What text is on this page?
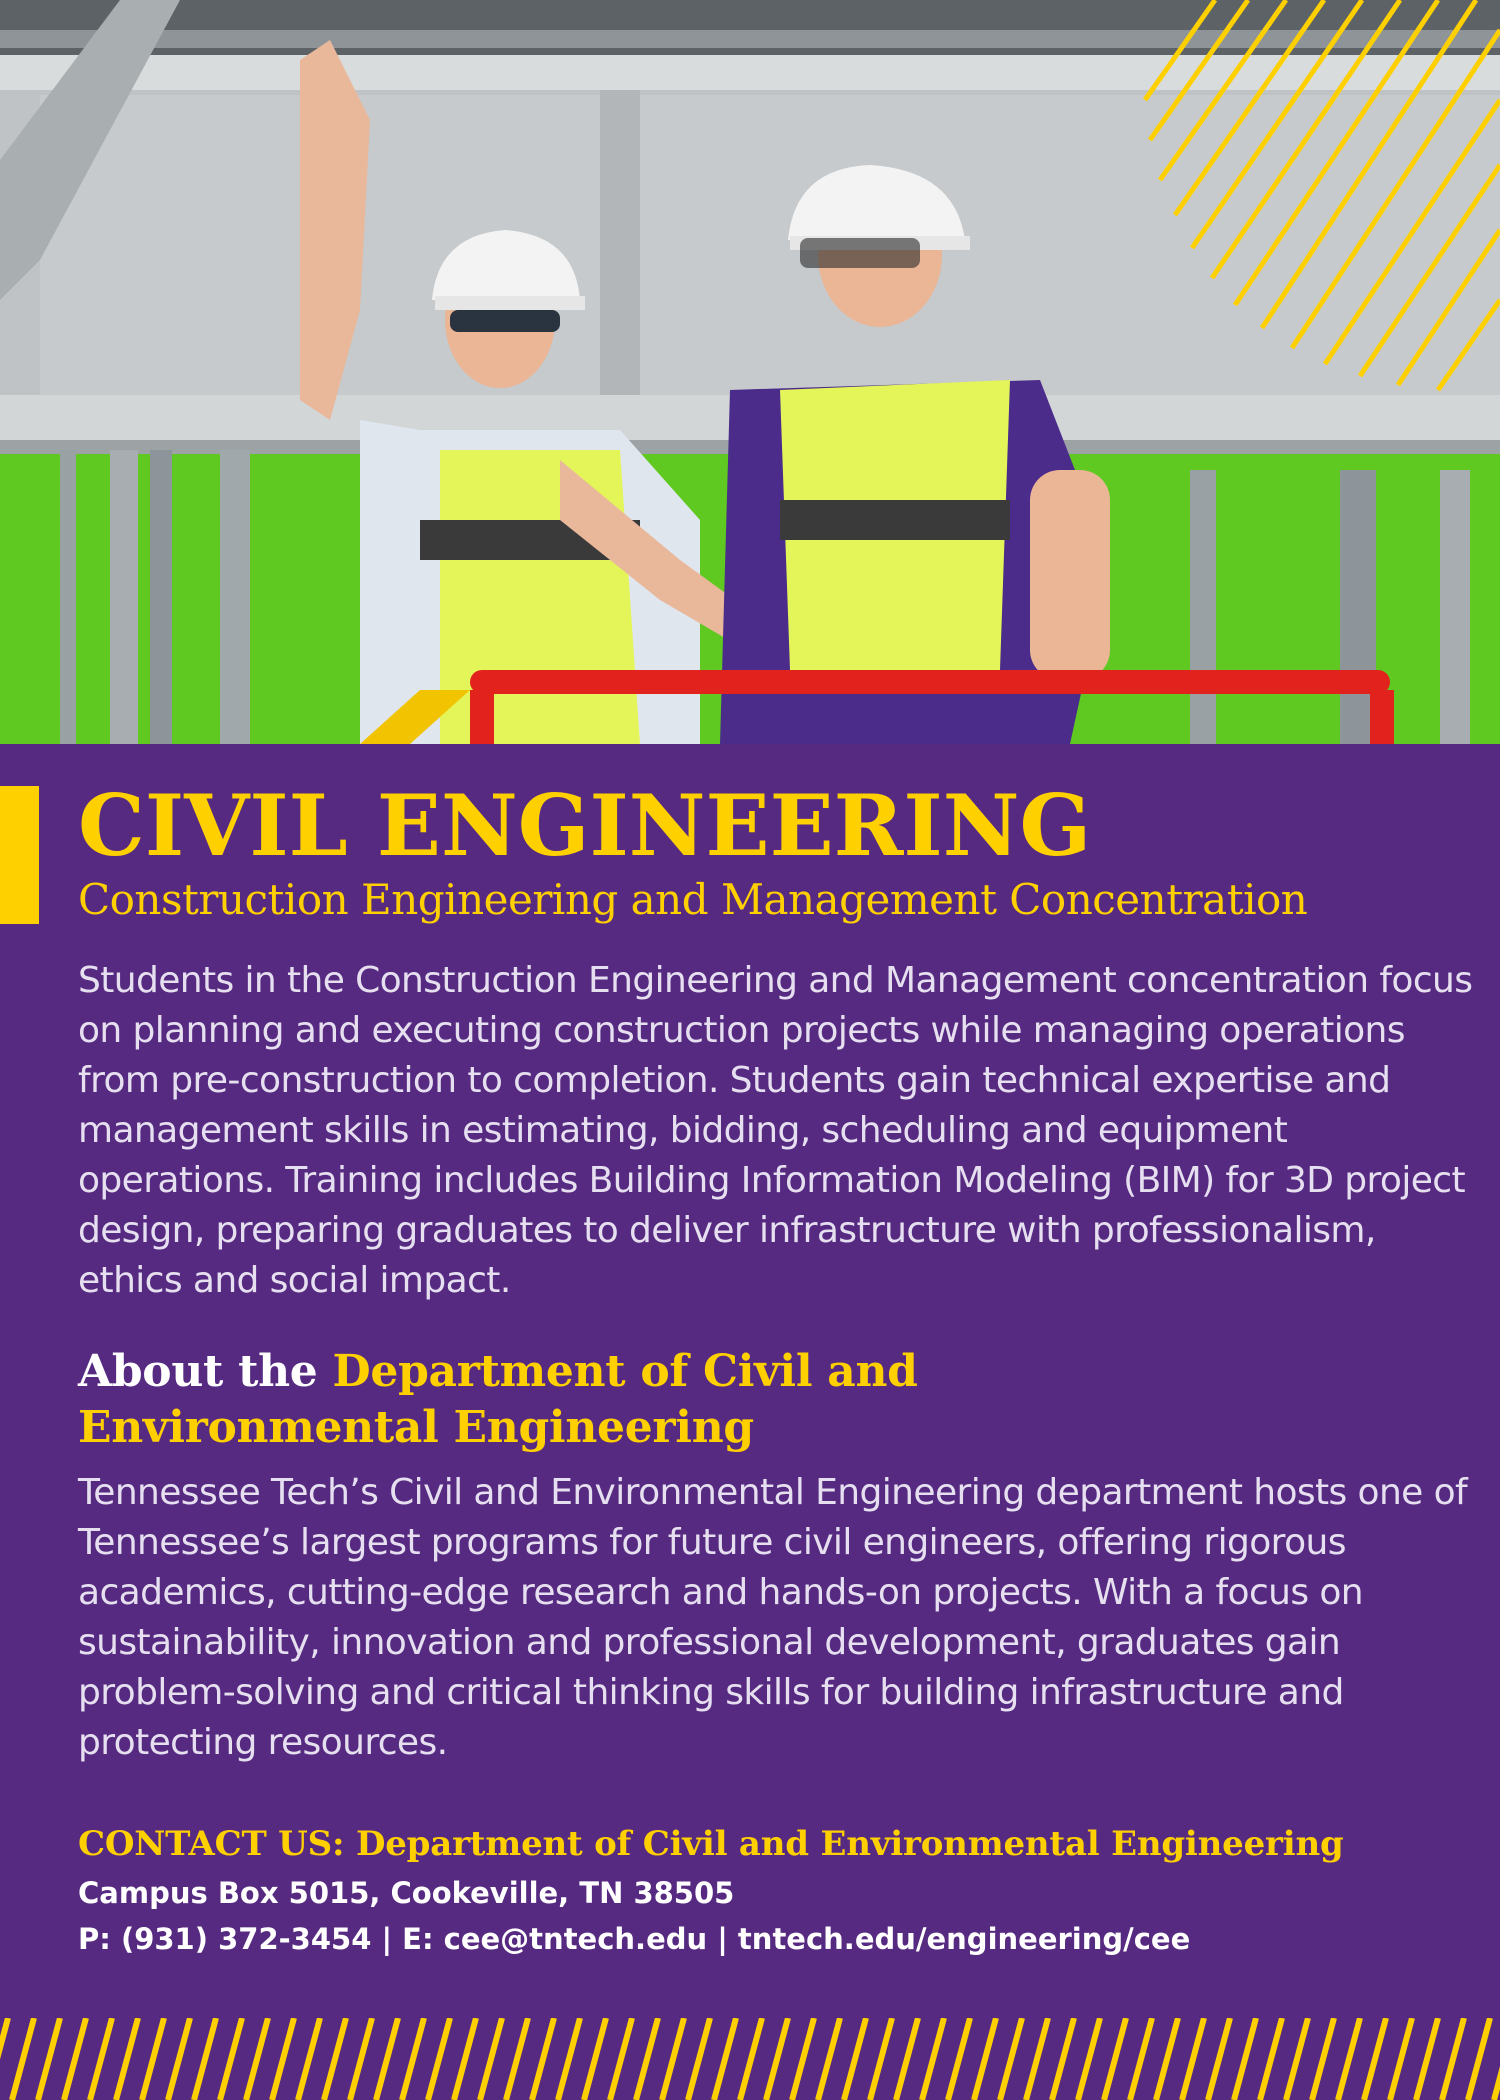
CIVIL ENGINEERING
Construction Engineering and Management Concentration

Students in the Construction Engineering and Management concentration focus on planning and executing construction projects while managing operations from pre-construction to completion. Students gain technical expertise and management skills in estimating, bidding, scheduling and equipment operations. Training includes Building Information Modeling (BIM) for 3D project design, preparing graduates to deliver infrastructure with professionalism, ethics and social impact.

About the Department of Civil and
Environmental Engineering

Tennessee Tech’s Civil and Environmental Engineering department hosts one of Tennessee’s largest programs for future civil engineers, offering rigorous academics, cutting-edge research and hands-on projects. With a focus on sustainability, innovation and professional development, graduates gain problem-solving and critical thinking skills for building infrastructure and protecting resources.

CONTACT US: Department of Civil and Environmental Engineering

Campus Box 5015, Cookeville, TN 38505

P: (931) 372-3454 | E: cee@tntech.edu | tntech.edu/engineering/cee
